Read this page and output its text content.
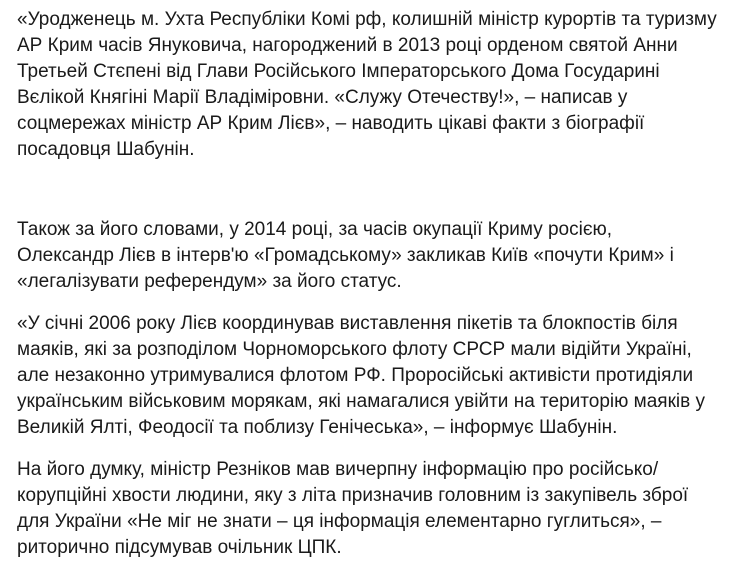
«Уродженець м. Ухта Республіки Комі рф, колишній міністр курортів та туризму
АР Крим часів Януковича, нагороджений в 2013 році орденом святой Анни
Третьей Стєпені від Глави Російського Імператорського Дома Государині
Вєлікой Княгіні Марії Владіміровни. «Служу Отечеству!», – написав у
соцмережах міністр АР Крим Лієв», – наводить цікаві факти з біографії
посадовця Шабунін.

Також за його словами, у 2014 році, за часів окупації Криму росією,
Олександр Лієв в інтерв'ю «Громадському» закликав Київ «почути Крим» і
«легалізувати референдум» за його статус.

«У січні 2006 року Лієв координував виставлення пікетів та блокпостів біля
маяків, які за розподілом Чорноморського флоту СРСР мали відійти Україні,
але незаконно утримувалися флотом РФ. Проросійські активісти протидіяли
українським військовим морякам, які намагалися увійти на територію маяків у
Великій Ялті, Феодосії та поблизу Генічеська», – інформує Шабунін.

На його думку, міністр Резніков мав вичерпну інформацію про російсько/
корупційні хвости людини, яку з літа призначив головним із закупівель зброї
для України «Не міг не знати – ця інформація елементарно гуглиться», –
риторично підсумував очільник ЦПК.
